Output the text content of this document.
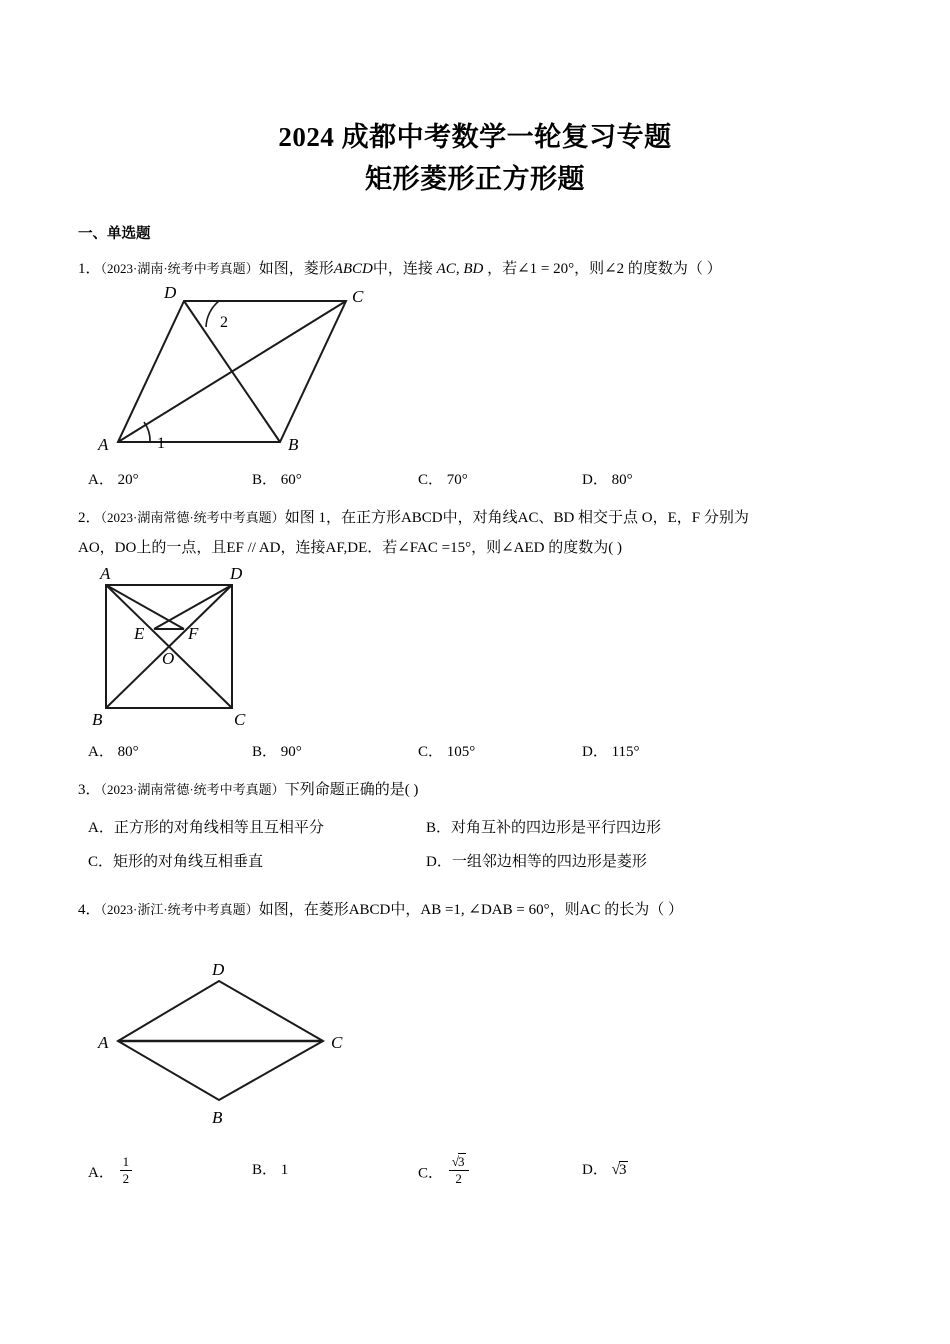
2024 成都中考数学一轮复习专题
矩形菱形正方形题
一、单选题
1．（2023·湖南·统考中考真题）如图，菱形ABCD中，连接 AC, BD ，若∠1 = 20°，则∠2 的度数为（ ）
A	B
C
D
1
2
A． 20°	B． 60°	C． 70°	D． 80°
2．（2023·湖南常德·统考中考真题）如图 1，在正方形ABCD中，对角线AC、BD 相交于点 O，E，F 分别为
AO，DO上的一点，且EF // AD，连接AF,DE．若∠FAC =15°，则∠AED 的度数为( )
A	D
B	C
E	F
O
A． 80°	B． 90°	C． 105°	D． 115°
3．（2023·湖南常德·统考中考真题）下列命题正确的是( )
A．正方形的对角线相等且互相平分	B．对角互补的四边形是平行四边形
C．矩形的对角线互相垂直	D．一组邻边相等的四边形是菱形
4．（2023·浙江·统考中考真题）如图，在菱形ABCD中，AB =1, ∠DAB = 60°，则AC 的长为（ ）
A	C
D
B
A． $\frac{1}{2}$	B． 1	C． $\frac{√3}{2}$	D． √3
